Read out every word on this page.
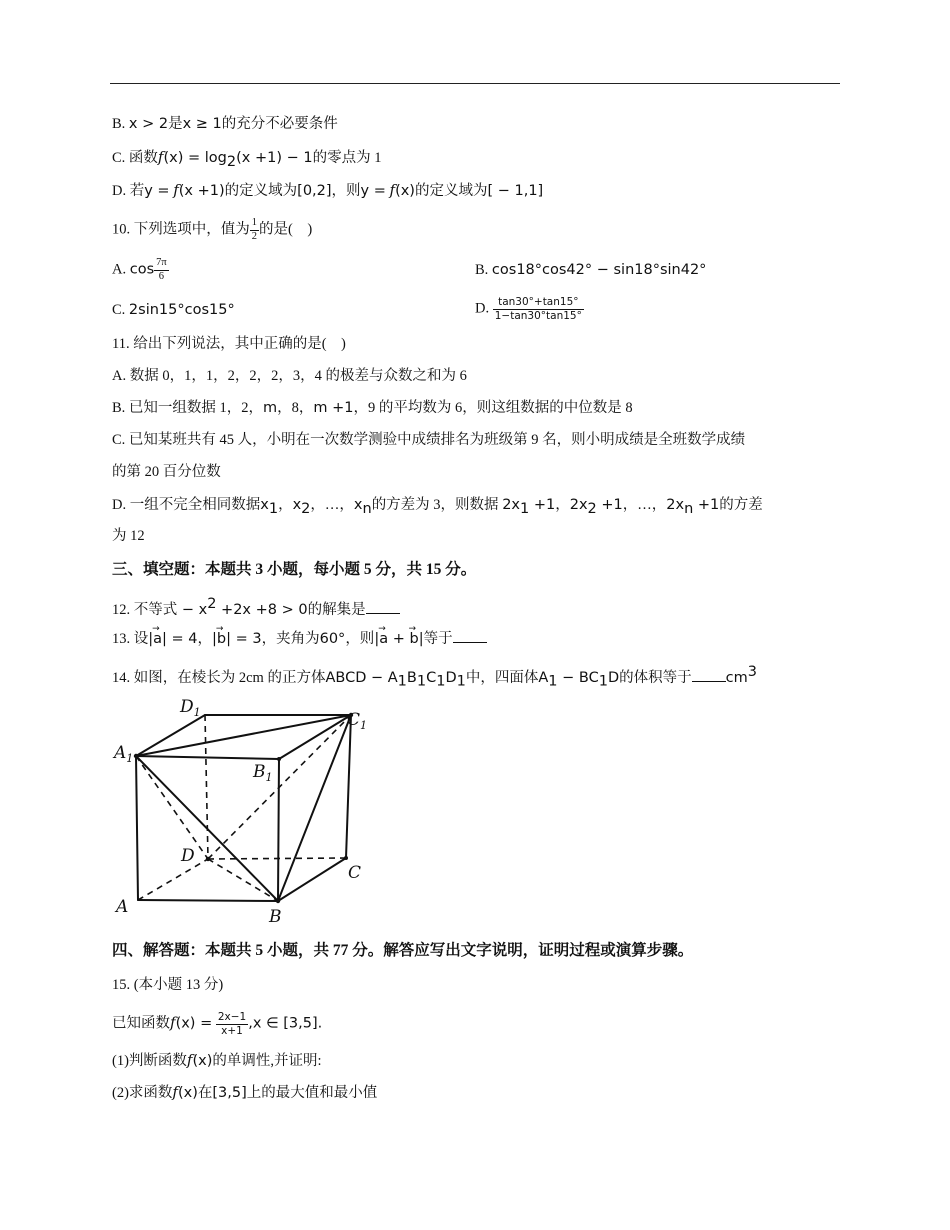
B. x > 2是x ≥ 1的充分不必要条件
C. 函数$f(x) = \log_2(x +1) - 1$的零点为 1
D. 若y = f(x +1)的定义域为[0,2]，则y = f(x)的定义域为[ − 1,1]
10. 下列选项中，值为 $\frac{1}{2}$ 的是(　)
A. $\cos \frac{7\pi}{6}$	B. cos18°cos42° − sin18°sin42°
C. 2sin15°cos15°	D. $\frac{\tan 30^\circ+\tan 15^\circ}{1-\tan 30^\circ\tan 15^\circ}$
11. 给出下列说法，其中正确的是(　)
A. 数据 0，1，1，2，2，2，3，4 的极差与众数之和为 6
B. 已知一组数据 1，2，m，8，m +1，9 的平均数为 6，则这组数据的中位数是 8
C. 已知某班共有 45 人，小明在一次数学测验中成绩排名为班级第 9 名，则小明成绩是全班数学成绩
的第 20 百分位数
D. 一组不完全相同数据$x_1$，$x_2$，…，$x_n$的方差为 3，则数据 $2x_1 +1$，$2x_2 +1$，…，$2x_n +1$的方差
为 12
三、填空题：本题共 3 小题，每小题 5 分，共 15 分。
12. 不等式 − $x^2 +2x +8 > 0$的解集是
13. 设|→ a| = 4，|→ b| = 3，夹角为60°，则|→ a + → b|等于
14. 如图，在棱长为 2cm 的正方体ABCD − $A_1B_1C_1D_1$中，四面体$A_1 - BC_1D$的体积等于 $cm^3$
$D_1$	$C_1$
$A_1$
$B_1$
D
C
A	B
四、解答题：本题共 5 小题，共 77 分。解答应写出文字说明，证明过程或演算步骤。
15. (本小题 13 分)
已知函数$f(x) = \frac{2x-1}{x+1} ,x$ ∈ [3,5].
(1)判断函数f(x)的单调性,并证明:
(2)求函数f(x)在[3,5]上的最大值和最小值
